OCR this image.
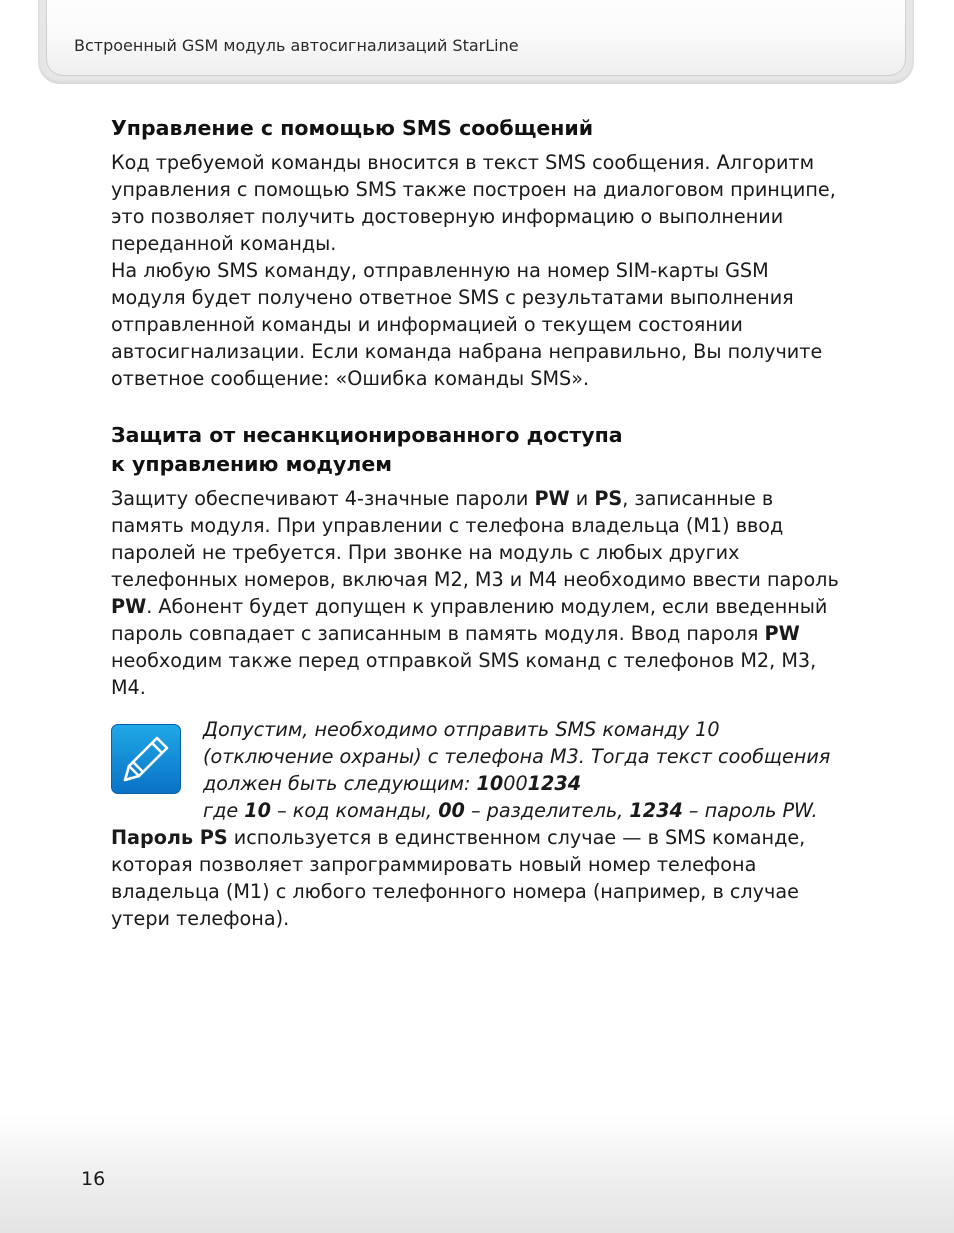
Встроенный GSM модуль автосигнализаций StarLine
Управление с помощью SMS сообщений

Код требуемой команды вносится в текст SMS сообщения. Алгоритм управления с помощью SMS также построен на диалоговом принципе, это позволяет получить достоверную информацию о выполнении переданной команды.

На любую SMS команду, отправленную на номер SIM-карты GSM модуля будет получено ответное SMS с результатами выполнения отправленной команды и информацией о текущем состоянии автосигнализации. Если команда набрана неправильно, Вы получите ответное сообщение: «Ошибка команды SMS».

Защита от несанкционированного доступа
к управлению модулем

Защиту обеспечивают 4-значные пароли PW и PS, записанные в память модуля. При управлении с телефона владельца (М1) ввод паролей не требуется. При звонке на модуль с любых других телефонных номеров, включая М2, М3 и М4 необходимо ввести пароль PW. Абонент будет допущен к управлению модулем, если введенный пароль совпадает с записанным в память модуля. Ввод пароля PW необходим также перед отправкой SMS команд с телефонов М2, М3, М4.

Допустим, необходимо отправить SMS команду 10 (отключение охраны) с телефона М3. Тогда текст сообщения должен быть следующим: 10001234
где 10 – код команды, 00 – разделитель, 1234 – пароль PW.

Пароль PS используется в единственном случае — в SMS команде, которая позволяет запрограммировать новый номер телефона владельца (М1) с любого телефонного номера (например, в случае утери телефона).

16
